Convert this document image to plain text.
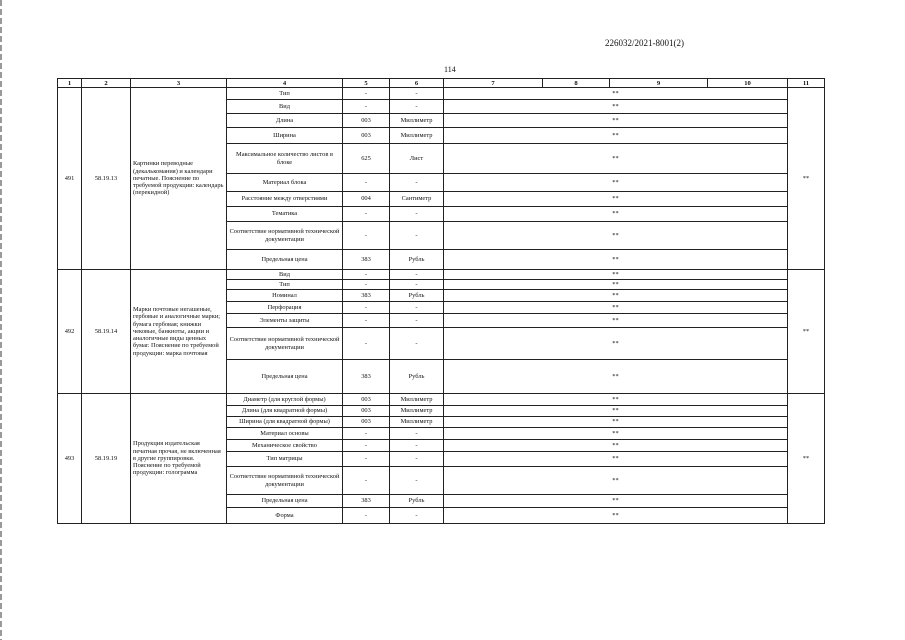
226032/2021-8001(2)
114
1	2	3	4	5	6	7	8	9	10	11
491	58.19.13	Картинки переводные (декалькомания) и календари печатные. Пояснение по требуемой продукции: календарь (перекидной)	Тип	-	-	**				**
			Вид	-	-	**				
			Длина	003	Миллиметр	**				
			Ширина	003	Миллиметр	**				
			Максимальное количество листов в блоке	625	Лист	**				
			Материал блока	-	-	**				
			Расстояние между отверстиями	004	Сантиметр	**				
			Тематика	-	-	**				
			Соответствие нормативной технической документации	-	-	**				
			Предельная цена	383	Рубль	**				
492	58.19.14	Марки почтовые негашеные, гербовые и аналогичные марки; бумага гербовая; книжки чековые, банкноты, акции и аналогичные виды ценных бумаг. Пояснение по требуемой продукции: марка почтовая	Вид	-	-	**				**
			Тип	-	-	**				
			Номинал	383	Рубль	**				
			Перфорация	-	-	**				
			Элементы защиты	-	-	**				
			Соответствие нормативной технической документации	-	-	**				
			Предельная цена	383	Рубль	**				
493	58.19.19	Продукция издательская печатная прочая, не включенная в другие группировки. Пояснение по требуемой продукции: голограмма	Диаметр (для круглой формы)	003	Миллиметр	**				**
			Длина (для квадратной формы)	003	Миллиметр	**				
			Ширина (для квадратной формы)	003	Миллиметр	**				
			Материал основы	-	-	**				
			Механическое свойство	-	-	**				
			Тип матрицы	-	-	**				
			Соответствие нормативной технической документации	-	-	**				
			Предельная цена	383	Рубль	**				
			Форма	-	-	**				
